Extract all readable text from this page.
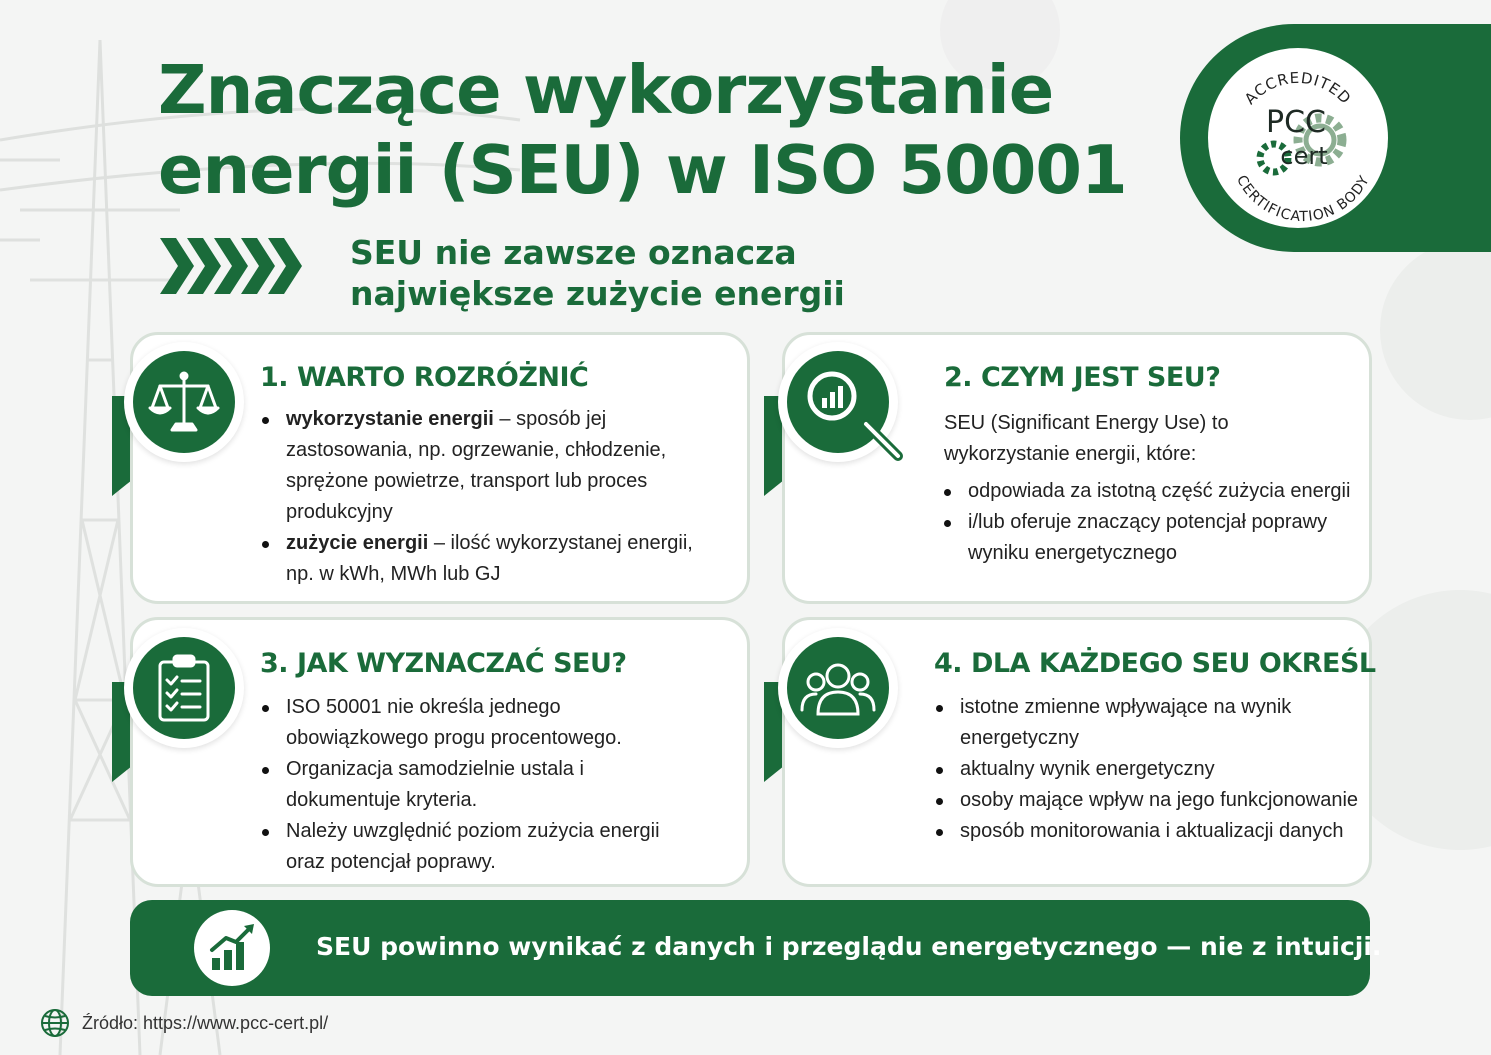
Znaczące wykorzystanie
energii (SEU) w ISO 50001
SEU nie zawsze oznacza
największe zużycie energii
ACCREDITED
CERTIFICATION BODY
PCC
cert
1. WARTO ROZRÓŻNIĆ
wykorzystanie energii – sposób jej zastosowania, np. ogrzewanie, chłodzenie, sprężone powietrze, transport lub proces produkcyjny
zużycie energii – ilość wykorzystanej energii, np. w kWh, MWh lub GJ
2. CZYM JEST SEU?

SEU (Significant Energy Use) to wykorzystanie energii, które:

odpowiada za istotną część zużycia energii
i/lub oferuje znaczący potencjał poprawy wyniku energetycznego
3. JAK WYZNACZAĆ SEU?
ISO 50001 nie określa jednego obowiązkowego progu procentowego.
Organizacja samodzielnie ustala i dokumentuje kryteria.
Należy uwzględnić poziom zużycia energii oraz potencjał poprawy.
4. DLA KAŻDEGO SEU OKREŚL
istotne zmienne wpływające na wynik energetyczny
aktualny wynik energetyczny
osoby mające wpływ na jego funkcjonowanie
sposób monitorowania i aktualizacji danych
SEU powinno wynikać z danych i przeglądu energetycznego — nie z intuicji.
Źródło: https://www.pcc-cert.pl/
